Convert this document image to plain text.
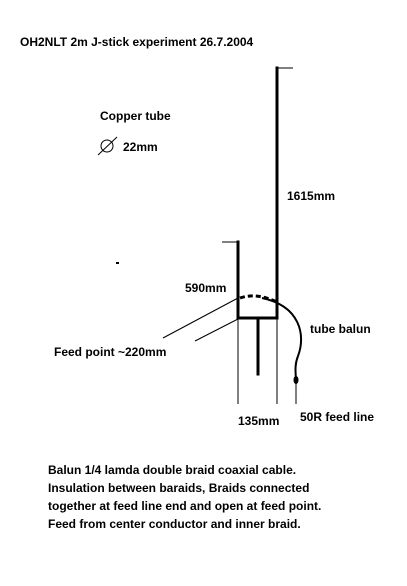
OH2NLT 2m J-stick experiment 26.7.2004
Copper tube
22mm
1615mm
590mm
Feed point ~220mm
tube balun
135mm 50R feed line
Balun 1/4 lamda double braid coaxial cable.
Insulation between baraids, Braids connected
together at feed line end and open at feed point.
Feed from center conductor and inner braid.
